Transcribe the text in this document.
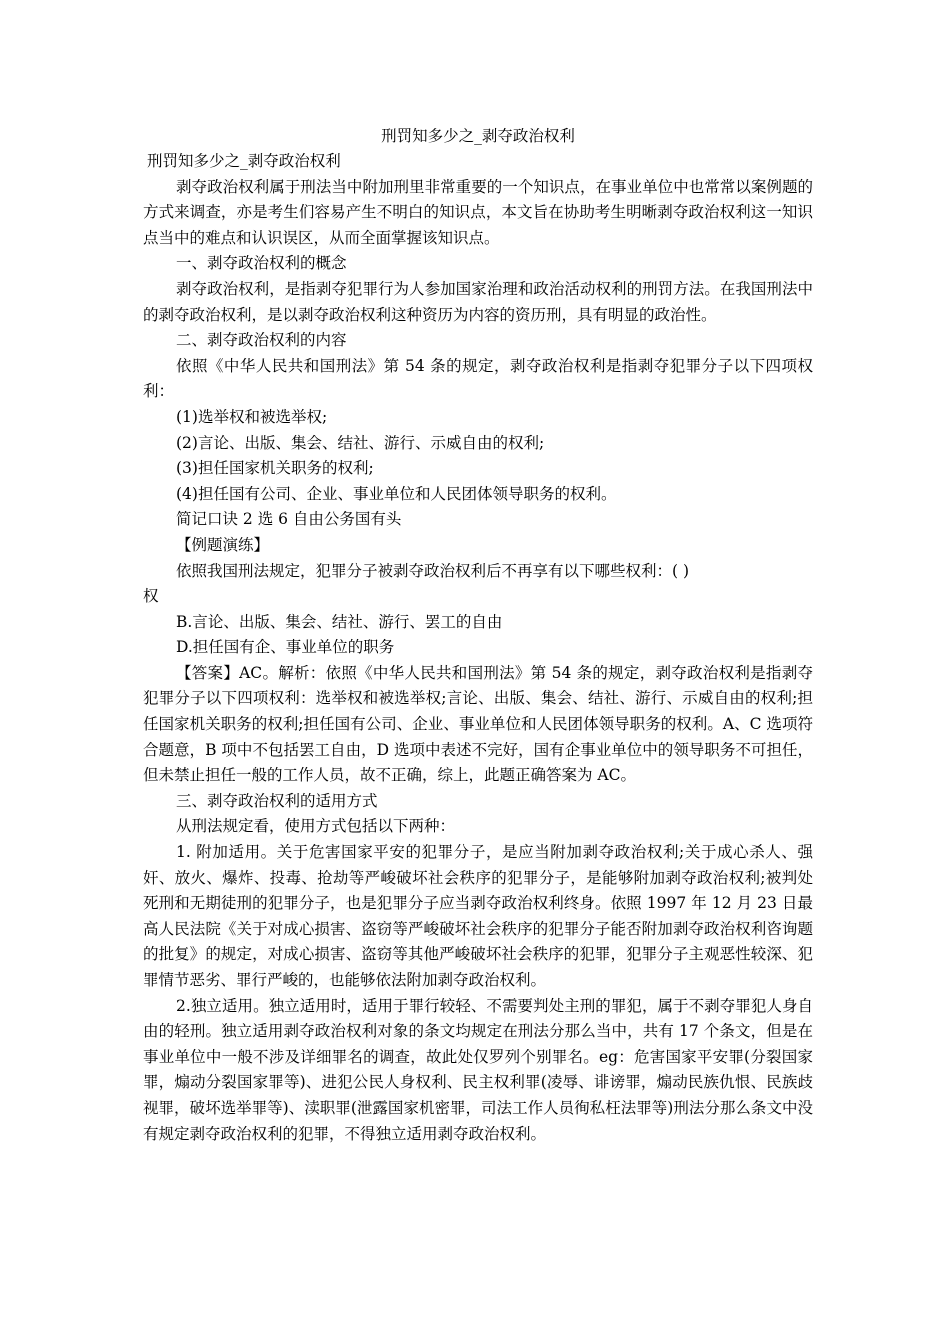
刑罚知多少之_剥夺政治权利

刑罚知多少之_剥夺政治权利

剥夺政治权利属于刑法当中附加刑里非常重要的一个知识点，在事业单位中也常常以案例题的方式来调查，亦是考生们容易产生不明白的知识点，本文旨在协助考生明晰剥夺政治权利这一知识点当中的难点和认识误区，从而全面掌握该知识点。

一、剥夺政治权利的概念

剥夺政治权利，是指剥夺犯罪行为人参加国家治理和政治活动权利的刑罚方法。在我国刑法中的剥夺政治权利，是以剥夺政治权利这种资历为内容的资历刑，具有明显的政治性。

二、剥夺政治权利的内容

依照《中华人民共和国刑法》第 54 条的规定，剥夺政治权利是指剥夺犯罪分子以下四项权利：

(1)选举权和被选举权;

(2)言论、出版、集会、结社、游行、示威自由的权利;

(3)担任国家机关职务的权利;

(4)担任国有公司、企业、事业单位和人民团体领导职务的权利。

简记口诀 2 选 6 自由公务国有头

【例题演练】

依照我国刑法规定，犯罪分子被剥夺政治权利后不再享有以下哪些权利：( )

权

B.言论、出版、集会、结社、游行、罢工的自由

D.担任国有企、事业单位的职务

【答案】AC。解析：依照《中华人民共和国刑法》第 54 条的规定，剥夺政治权利是指剥夺犯罪分子以下四项权利：选举权和被选举权;言论、出版、集会、结社、游行、示威自由的权利;担任国家机关职务的权利;担任国有公司、企业、事业单位和人民团体领导职务的权利。A、C 选项符合题意，B 项中不包括罢工自由，D 选项中表述不完好，国有企事业单位中的领导职务不可担任，但未禁止担任一般的工作人员，故不正确，综上，此题正确答案为 AC。

三、剥夺政治权利的适用方式

从刑法规定看，使用方式包括以下两种：

1. 附加适用。关于危害国家平安的犯罪分子，是应当附加剥夺政治权利;关于成心杀人、强奸、放火、爆炸、投毒、抢劫等严峻破坏社会秩序的犯罪分子，是能够附加剥夺政治权利;被判处死刑和无期徒刑的犯罪分子，也是犯罪分子应当剥夺政治权利终身。依照 1997 年 12 月 23 日最高人民法院《关于对成心损害、盗窃等严峻破坏社会秩序的犯罪分子能否附加剥夺政治权利咨询题的批复》的规定，对成心损害、盗窃等其他严峻破坏社会秩序的犯罪，犯罪分子主观恶性较深、犯罪情节恶劣、罪行严峻的，也能够依法附加剥夺政治权利。

2.独立适用。独立适用时，适用于罪行较轻、不需要判处主刑的罪犯，属于不剥夺罪犯人身自由的轻刑。独立适用剥夺政治权利对象的条文均规定在刑法分那么当中，共有 17 个条文，但是在事业单位中一般不涉及详细罪名的调查，故此处仅罗列个别罪名。eg：危害国家平安罪(分裂国家罪，煽动分裂国家罪等)、进犯公民人身权利、民主权利罪(凌辱、诽谤罪，煽动民族仇恨、民族歧视罪，破坏选举罪等)、渎职罪(泄露国家机密罪，司法工作人员徇私枉法罪等)刑法分那么条文中没有规定剥夺政治权利的犯罪，不得独立适用剥夺政治权利。
